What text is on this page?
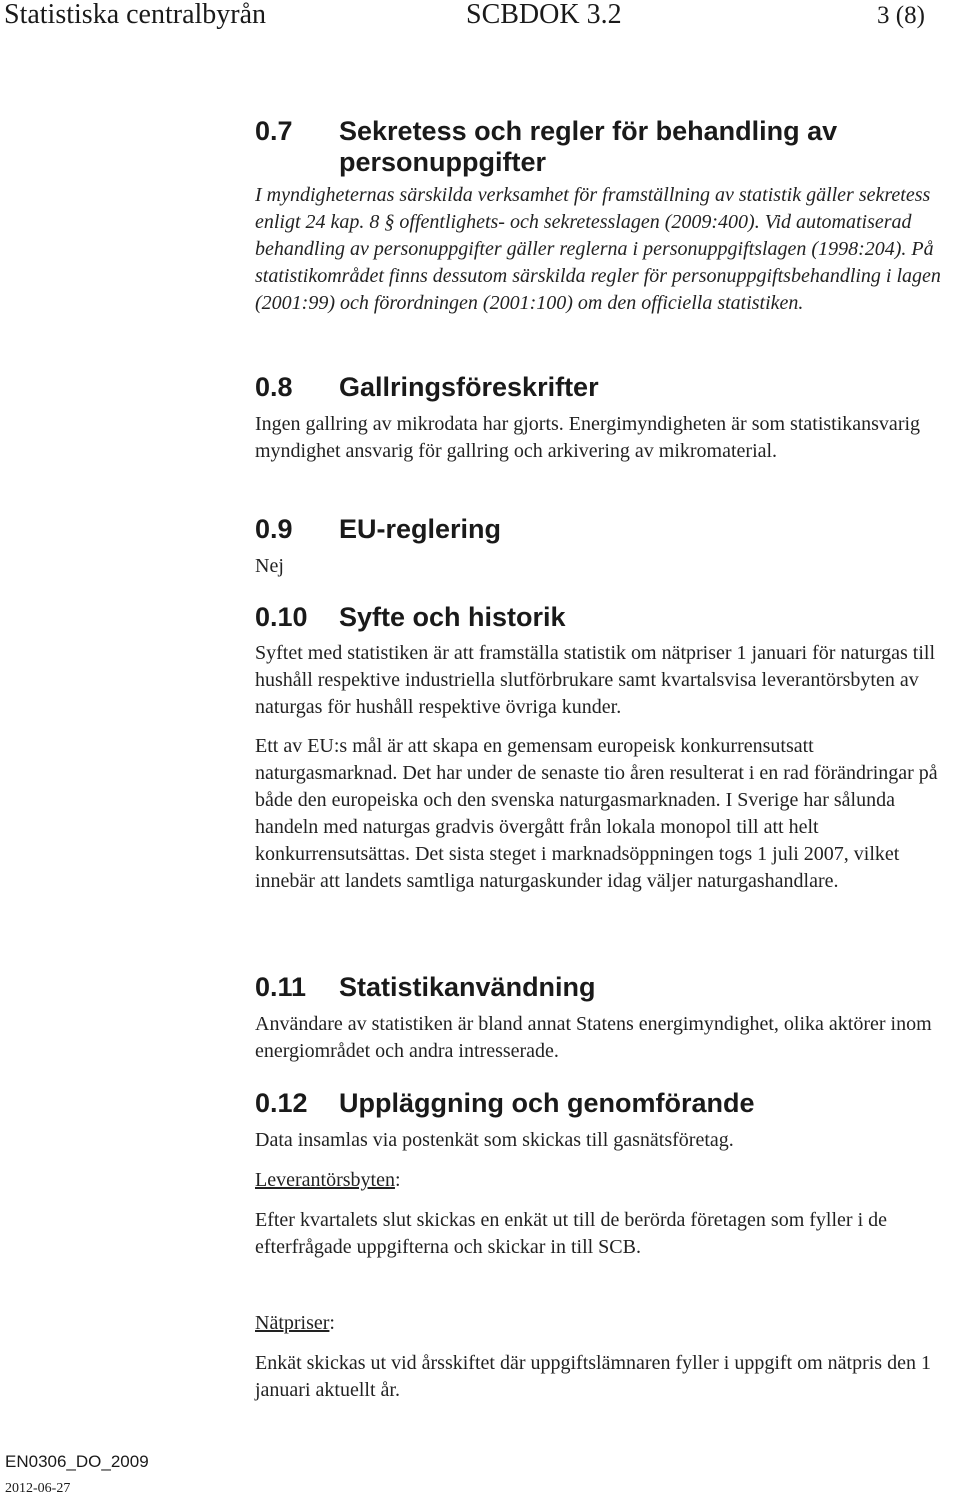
Statistiska centralbyrån	SCBDOK 3.2	3 (8)
0.7	Sekretess och regler för behandling av personuppgifter

I myndigheternas särskilda verksamhet för framställning av statistik gäller sekretess enligt 24 kap. 8 § offentlighets- och sekretesslagen (2009:400). Vid automatiserad behandling av personuppgifter gäller reglerna i personuppgiftslagen (1998:204). På statistikområdet finns dessutom särskilda regler för personuppgiftsbehandling i lagen (2001:99) och förordningen (2001:100) om den officiella statistiken.

0.8	Gallringsföreskrifter

Ingen gallring av mikrodata har gjorts. Energimyndigheten är som statistikansvarig myndighet ansvarig för gallring och arkivering av mikromaterial.

0.9	EU-reglering

Nej

0.10	Syfte och historik

Syftet med statistiken är att framställa statistik om nätpriser 1 januari för naturgas till hushåll respektive industriella slutförbrukare samt kvartalsvisa leverantörsbyten av naturgas för hushåll respektive övriga kunder.

Ett av EU:s mål är att skapa en gemensam europeisk konkurrensutsatt naturgasmarknad. Det har under de senaste tio åren resulterat i en rad förändringar på både den europeiska och den svenska naturgasmarknaden. I Sverige har sålunda handeln med naturgas gradvis övergått från lokala monopol till att helt konkurrensutsättas. Det sista steget i marknadsöppningen togs 1 juli 2007, vilket innebär att landets samtliga naturgaskunder idag väljer naturgashandlare.

0.11	Statistikanvändning

Användare av statistiken är bland annat Statens energimyndighet, olika aktörer inom energiområdet och andra intresserade.

0.12	Uppläggning och genomförande

Data insamlas via postenkät som skickas till gasnätsföretag.

Leverantörsbyten:

Efter kvartalets slut skickas en enkät ut till de berörda företagen som fyller i de efterfrågade uppgifterna och skickar in till SCB.

Nätpriser:

Enkät skickas ut vid årsskiftet där uppgiftslämnaren fyller i uppgift om nätpris den 1 januari aktuellt år.

EN0306_DO_2009
2012-06-27
